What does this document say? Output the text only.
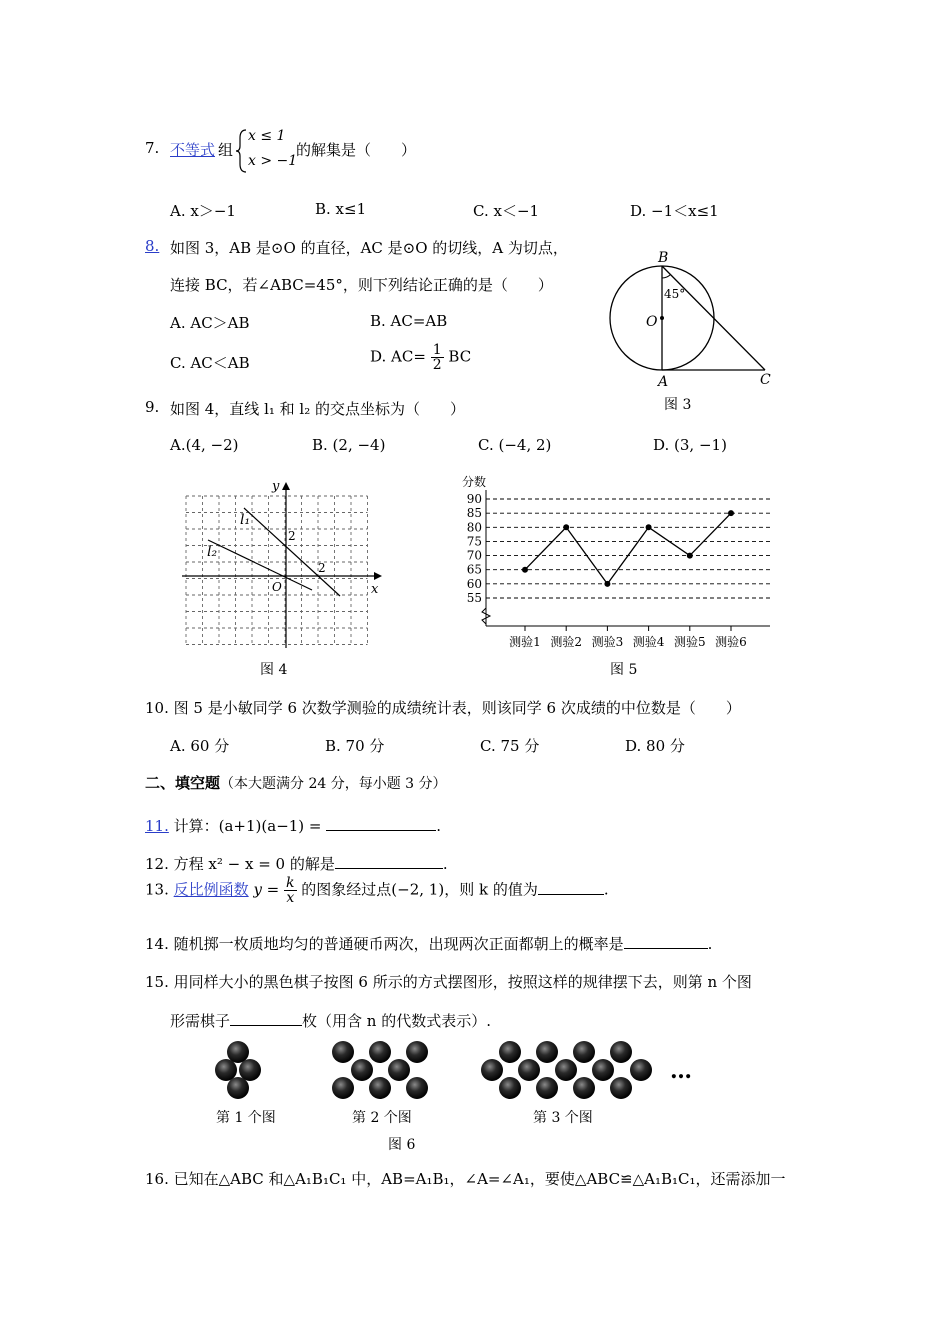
7. 不等式 组
x ≤ 1
x > −1
的解集是（　　）
A. x＞−1	B. x≤1	C. x＜−1	D. −1＜x≤1
8. 如图 3，AB 是⊙O 的直径，AC 是⊙O 的切线，A 为切点，
连接 BC，若∠ABC=45°，则下列结论正确的是（　　）
A. AC＞AB	B. AC=AB
C. AC＜AB	D. $AC= \frac{1}{2}$ BC
B
O
A	C
45°
图 3
9. 如图 4，直线 l₁ 和 l₂ 的交点坐标为（　　）
A.(4, −2)	B. (2, −4)	C. (−4, 2)	D. (3, −1)
y
x
l₁
l₂
2
2
O
图 4
分数
55
60
65
70
75
80
85
90
测验1 测验2 测验3 测验4 测验5 测验6
图 5
10. 图 5 是小敏同学 6 次数学测验的成绩统计表，则该同学 6 次成绩的中位数是（　　）
A. 60 分	B. 70 分	C. 75 分	D. 80 分
二、填空题（本大题满分 24 分，每小题 3 分）
11. 计算：(a+1)(a−1) =	.
12. 方程 x² − x = 0 的解是	.
13. 反比例函数 $y = \frac{k}{x}$ 的图象经过点(−2, 1)，则 k 的值为	.
14. 随机掷一枚质地均匀的普通硬币两次，出现两次正面都朝上的概率是	.
15. 用同样大小的黑色棋子按图 6 所示的方式摆图形，按照这样的规律摆下去，则第 n 个图
形需棋子	枚（用含 n 的代数式表示）.
第 1 个图	第 2 个图	第 3 个图
…
图 6
16. 已知在△ABC 和△A₁B₁C₁ 中，AB=A₁B₁，∠A=∠A₁，要使△ABC≌△A₁B₁C₁，还需添加一
